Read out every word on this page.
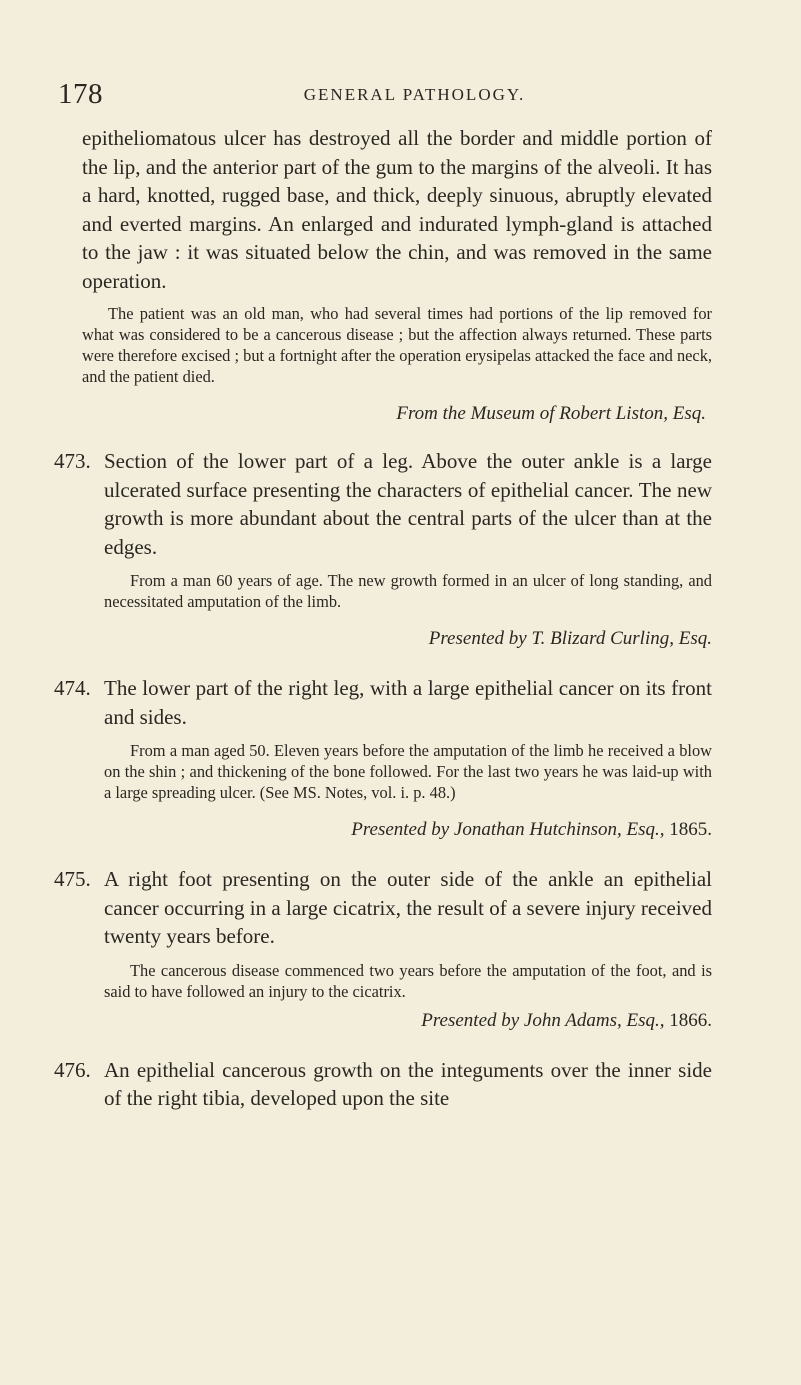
178	GENERAL PATHOLOGY.

epitheliomatous ulcer has destroyed all the border and middle portion of the lip, and the anterior part of the gum to the margins of the alveoli. It has a hard, knotted, rugged base, and thick, deeply sinuous, abruptly elevated and everted margins. An enlarged and indurated lymph-gland is attached to the jaw : it was situated below the chin, and was removed in the same operation.

The patient was an old man, who had several times had portions of the lip removed for what was considered to be a cancerous disease ; but the affection always returned. These parts were therefore excised ; but a fortnight after the operation erysipelas attacked the face and neck, and the patient died.

From the Museum of Robert Liston, Esq.

473. Section of the lower part of a leg. Above the outer ankle is a large ulcerated surface presenting the characters of epithelial cancer. The new growth is more abundant about the central parts of the ulcer than at the edges.

From a man 60 years of age. The new growth formed in an ulcer of long standing, and necessitated amputation of the limb.

Presented by T. Blizard Curling, Esq.

474. The lower part of the right leg, with a large epithelial cancer on its front and sides.

From a man aged 50. Eleven years before the amputation of the limb he received a blow on the shin ; and thickening of the bone followed. For the last two years he was laid-up with a large spreading ulcer. (See MS. Notes, vol. i. p. 48.)

Presented by Jonathan Hutchinson, Esq., 1865.

475. A right foot presenting on the outer side of the ankle an epithelial cancer occurring in a large cicatrix, the result of a severe injury received twenty years before.

The cancerous disease commenced two years before the amputation of the foot, and is said to have followed an injury to the cicatrix.

Presented by John Adams, Esq., 1866.

476. An epithelial cancerous growth on the integuments over the inner side of the right tibia, developed upon the site
